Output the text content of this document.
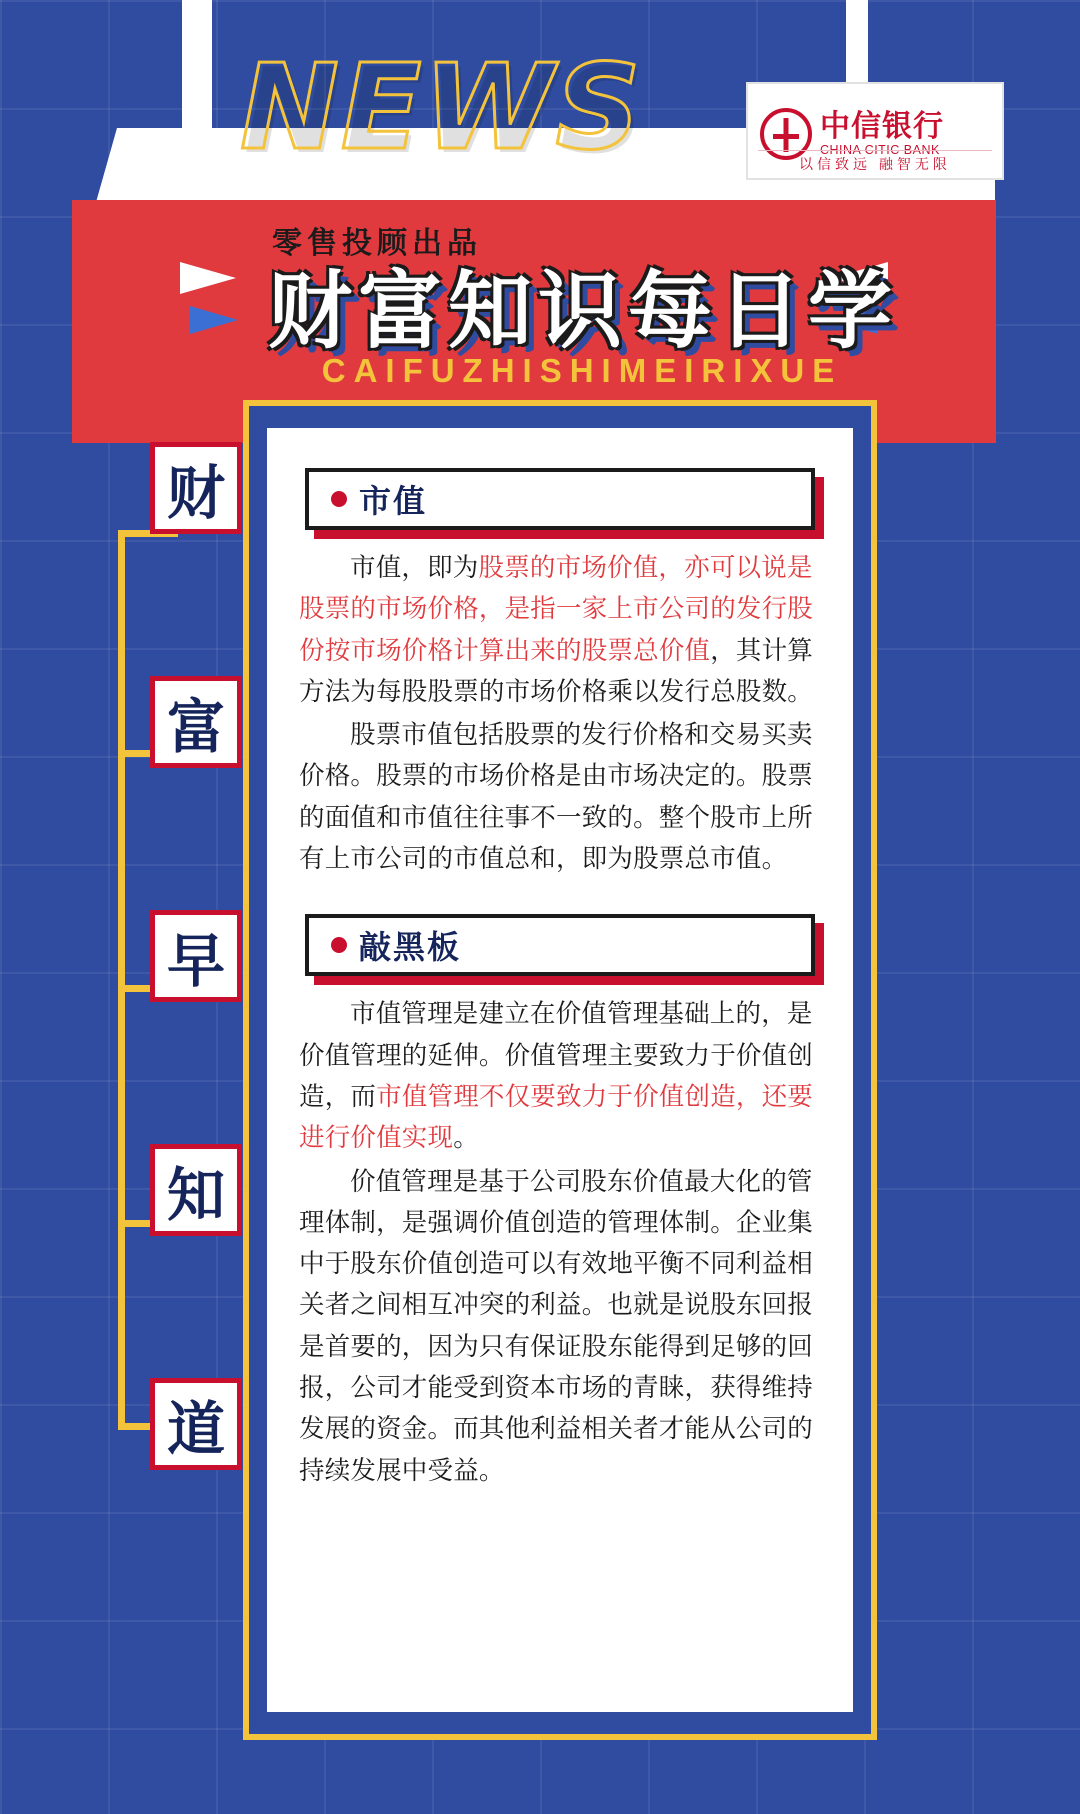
NEWS	中信银行
CHINA CITIC BANK
以信致远 融智无限
零售投顾出品
财富知识每日学
CAIFUZHISHIMEIRIXUE
财
富
早
知
道
市值

市值，即为股票的市场价值，亦可以说是股票的市场价格，是指一家上市公司的发行股份按市场价格计算出来的股票总价值，其计算方法为每股股票的市场价格乘以发行总股数。

股票市值包括股票的发行价格和交易买卖价格。股票的市场价格是由市场决定的。股票的面值和市值往往事不一致的。整个股市上所有上市公司的市值总和，即为股票总市值。

敲黑板

市值管理是建立在价值管理基础上的，是价值管理的延伸。价值管理主要致力于价值创造，而市值管理不仅要致力于价值创造，还要进行价值实现。

价值管理是基于公司股东价值最大化的管理体制，是强调价值创造的管理体制。企业集中于股东价值创造可以有效地平衡不同利益相关者之间相互冲突的利益。也就是说股东回报是首要的，因为只有保证股东能得到足够的回报，公司才能受到资本市场的青睐，获得维持发展的资金。而其他利益相关者才能从公司的持续发展中受益。
